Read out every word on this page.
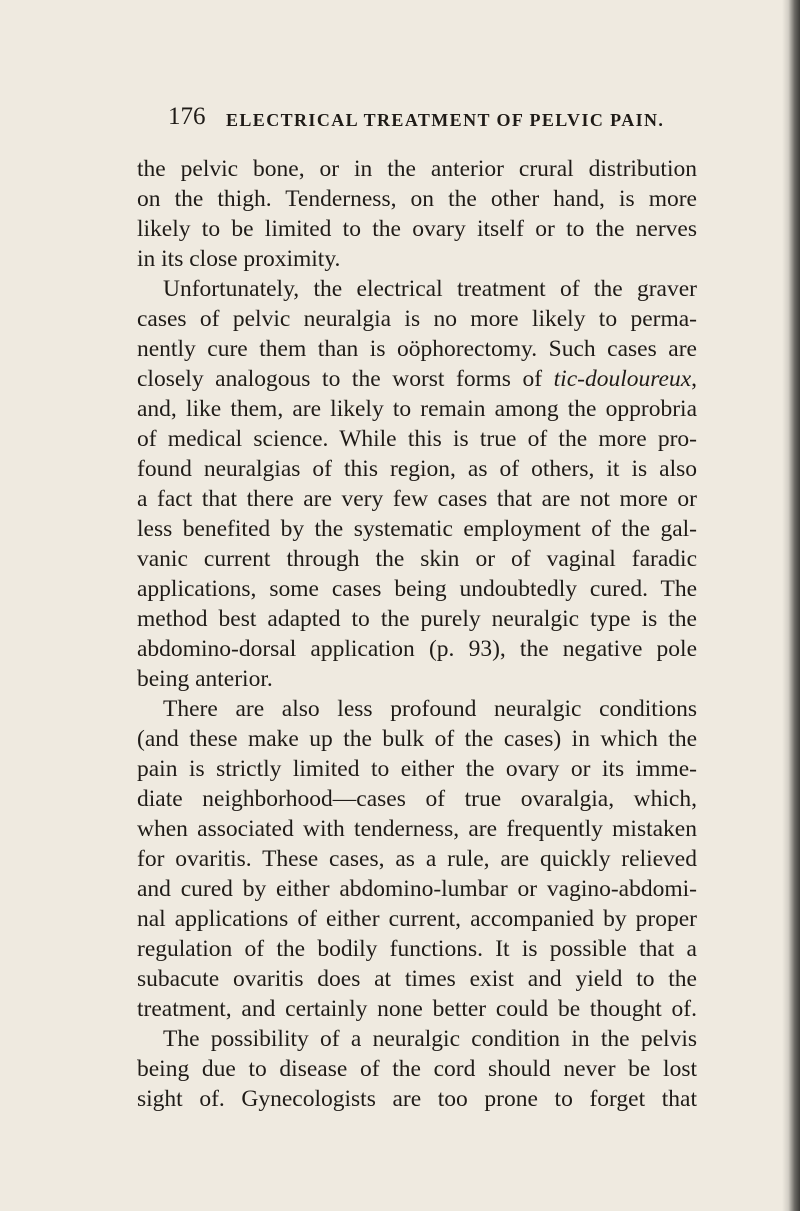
176 ELECTRICAL TREATMENT OF PELVIC PAIN.
the pelvic bone, or in the anterior crural distribution
on the thigh. Tenderness, on the other hand, is more
likely to be limited to the ovary itself or to the nerves
in its close proximity.
Unfortunately, the electrical treatment of the graver
cases of pelvic neuralgia is no more likely to perma-
nently cure them than is oöphorectomy. Such cases are
closely analogous to the worst forms of tic-douloureux,
and, like them, are likely to remain among the opprobria
of medical science. While this is true of the more pro-
found neuralgias of this region, as of others, it is also
a fact that there are very few cases that are not more or
less benefited by the systematic employment of the gal-
vanic current through the skin or of vaginal faradic
applications, some cases being undoubtedly cured. The
method best adapted to the purely neuralgic type is the
abdomino-dorsal application (p. 93), the negative pole
being anterior.
There are also less profound neuralgic conditions
(and these make up the bulk of the cases) in which the
pain is strictly limited to either the ovary or its imme-
diate neighborhood—cases of true ovaralgia, which,
when associated with tenderness, are frequently mistaken
for ovaritis. These cases, as a rule, are quickly relieved
and cured by either abdomino-lumbar or vagino-abdomi-
nal applications of either current, accompanied by proper
regulation of the bodily functions. It is possible that a
subacute ovaritis does at times exist and yield to the
treatment, and certainly none better could be thought of.
The possibility of a neuralgic condition in the pelvis
being due to disease of the cord should never be lost
sight of. Gynecologists are too prone to forget that
